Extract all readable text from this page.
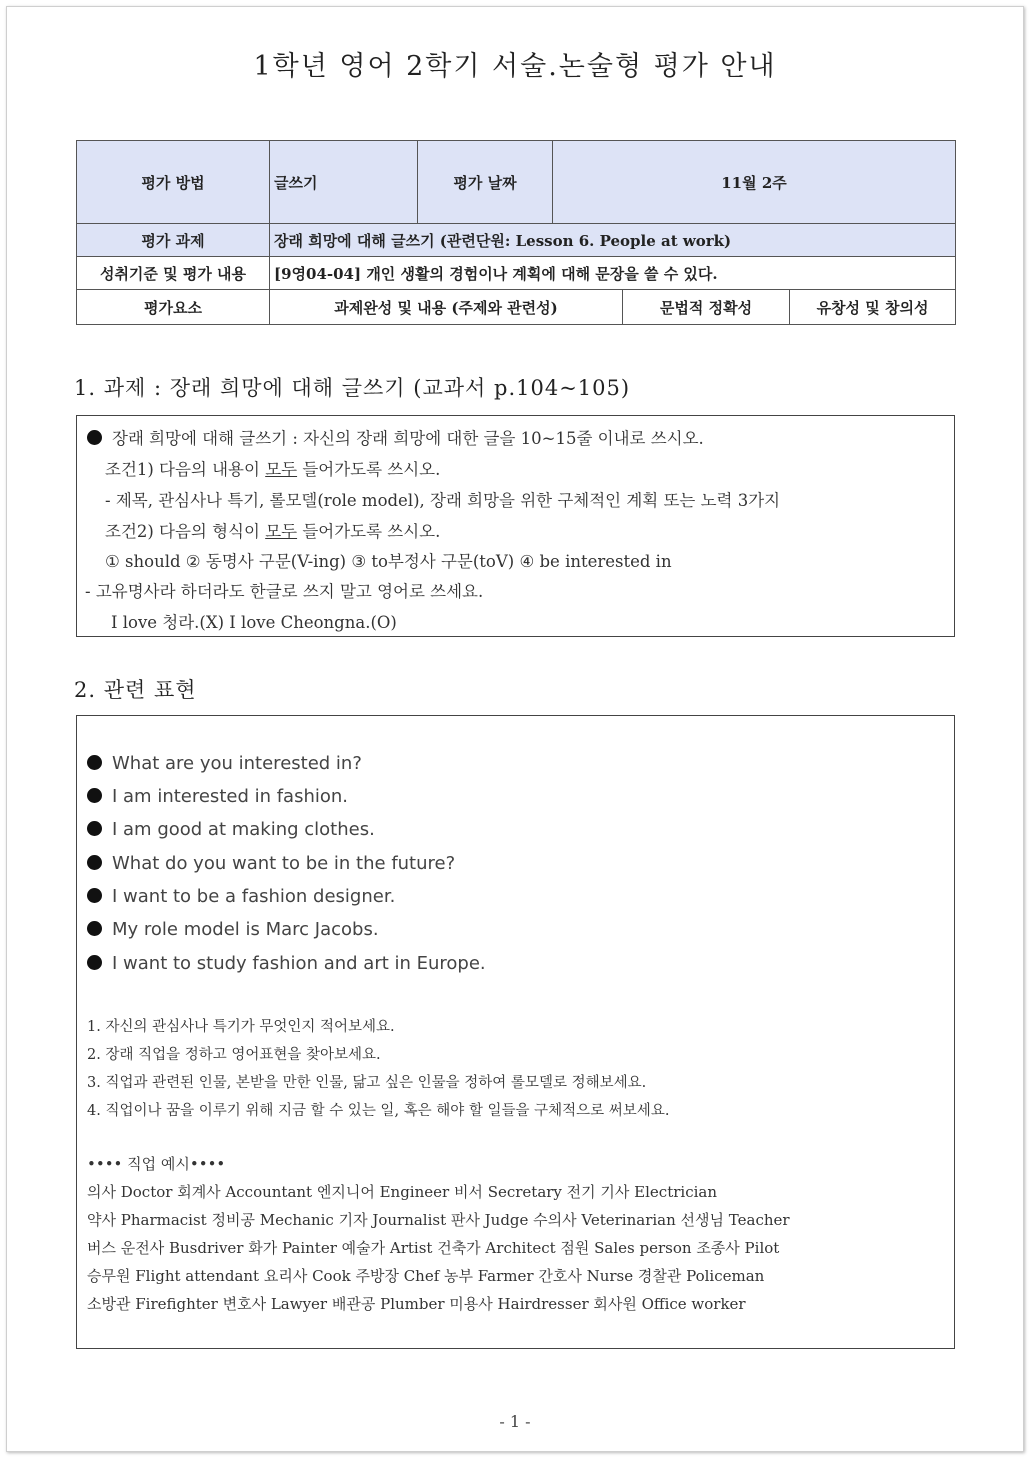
1학년 영어 2학기 서술.논술형 평가 안내
평가 방법	글쓰기	평가 날짜	11월 2주		
평가 과제	장래 희망에 대해 글쓰기 (관련단원: Lesson 6. People at work)				
성취기준 및 평가 내용	[9영04-04] 개인 생활의 경험이나 계획에 대해 문장을 쓸 수 있다.				
평가요소	과제완성 및 내용 (주제와 관련성)			문법적 정확성	유창성 및 창의성
1. 과제 : 장래 희망에 대해 글쓰기 (교과서 p.104~105)
장래 희망에 대해 글쓰기 : 자신의 장래 희망에 대한 글을 10~15줄 이내로 쓰시오.
조건1) 다음의 내용이 모두 들어가도록 쓰시오.
- 제목, 관심사나 특기, 롤모델(role model), 장래 희망을 위한 구체적인 계획 또는 노력 3가지
조건2) 다음의 형식이 모두 들어가도록 쓰시오.
① should ② 동명사 구문(V-ing) ③ to부정사 구문(toV) ④ be interested in
- 고유명사라 하더라도 한글로 쓰지 말고 영어로 쓰세요.
I love 청라.(X) I love Cheongna.(O)
2. 관련 표현
What are you interested in?
I am interested in fashion.
I am good at making clothes.
What do you want to be in the future?
I want to be a fashion designer.
My role model is Marc Jacobs.
I want to study fashion and art in Europe.
1. 자신의 관심사나 특기가 무엇인지 적어보세요.
2. 장래 직업을 정하고 영어표현을 찾아보세요.
3. 직업과 관련된 인물, 본받을 만한 인물, 닮고 싶은 인물을 정하여 롤모델로 정해보세요.
4. 직업이나 꿈을 이루기 위해 지금 할 수 있는 일, 혹은 해야 할 일들을 구체적으로 써보세요.
•••• 직업 예시••••
의사 Doctor 회계사 Accountant 엔지니어 Engineer 비서 Secretary 전기 기사 Electrician
약사 Pharmacist 정비공 Mechanic 기자 Journalist 판사 Judge 수의사 Veterinarian 선생님 Teacher
버스 운전사 Busdriver 화가 Painter 예술가 Artist 건축가 Architect 점원 Sales person 조종사 Pilot
승무원 Flight attendant 요리사 Cook 주방장 Chef 농부 Farmer 간호사 Nurse 경찰관 Policeman
소방관 Firefighter 변호사 Lawyer 배관공 Plumber 미용사 Hairdresser 회사원 Office worker
- 1 -
